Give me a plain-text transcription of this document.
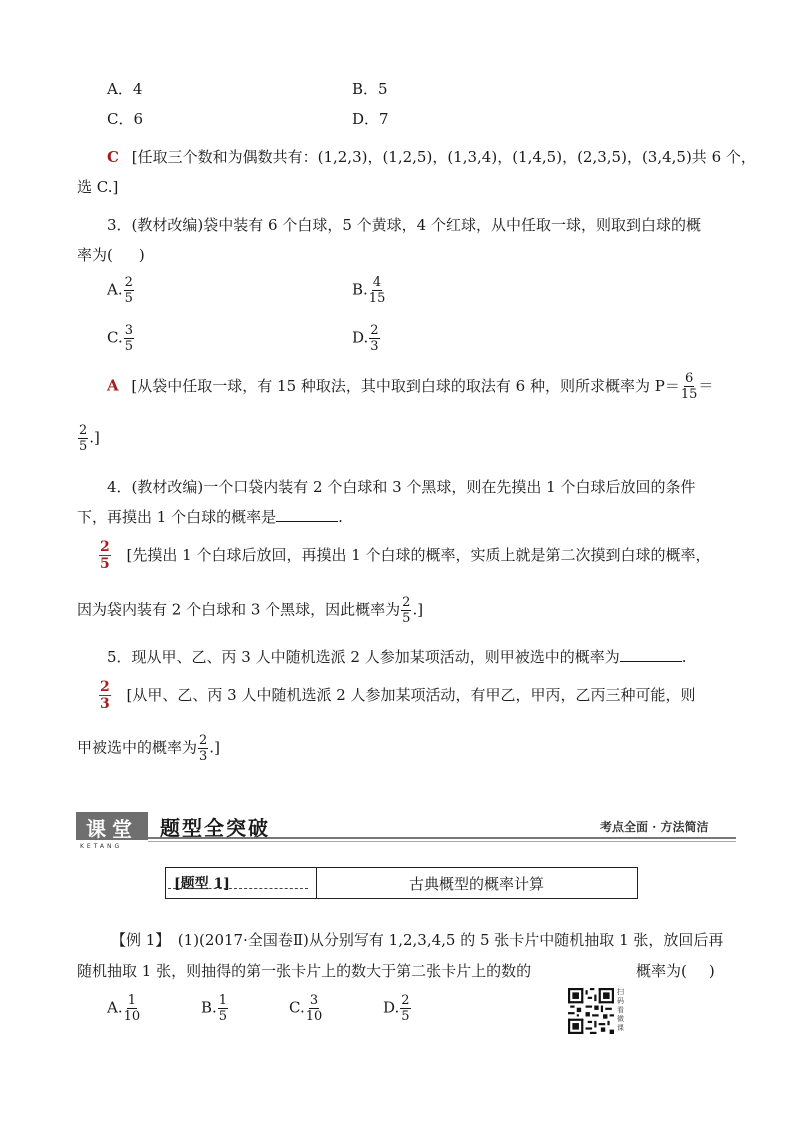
A．4	B．5
C．6	D．7
C [任取三个数和为偶数共有：(1,2,3)，(1,2,5)，(1,3,4)，(1,4,5)，(2,3,5)，(3,4,5)共 6 个，
选 C.]
3．(教材改编)袋中装有 6 个白球，5 个黄球，4 个红球，从中任取一球，则取到白球的概
率为( )
A. $\frac{2}{5}$	B. $\frac{4}{15}$
C. $\frac{3}{5}$	D. $\frac{2}{3}$
A [从袋中任取一球，有 15 种取法，其中取到白球的取法有 6 种，则所求概率为 $P= \frac{6}{15}$ ＝
$\frac{2}{5}$ .]
4．(教材改编)一个口袋内装有 2 个白球和 3 个黑球，则在先摸出 1 个白球后放回的条件
下，再摸出 1 个白球的概率是	.
$\frac{2}{5}$ [先摸出 1 个白球后放回，再摸出 1 个白球的概率，实质上就是第二次摸到白球的概率，
因为袋内装有 2 个白球和 3 个黑球，因此概率为 $\frac{2}{5}$ .]
5．现从甲、乙、丙 3 人中随机选派 2 人参加某项活动，则甲被选中的概率为	.
$\frac{2}{3}$ [从甲、乙、丙 3 人中随机选派 2 人参加某项活动，有甲乙，甲丙，乙丙三种可能，则
甲被选中的概率为 $\frac{2}{3}$ .]
课堂
KETANG
题型全突破	考点全面 · 方法简洁
[题型 1]	古典概型的概率计算
【例 1】　(1)(2017·全国卷Ⅱ)从分别写有 1,2,3,4,5 的 5 张卡片中随机抽取 1 张，放回后再
随机抽取 1 张，则抽得的第一张卡片上的数大于第二张卡片上的数的	概率为( )
A. $\frac{1}{10}$	B. $\frac{1}{5}$	C. $\frac{3}{10}$	D. $\frac{2}{5}$
扫码看微课
